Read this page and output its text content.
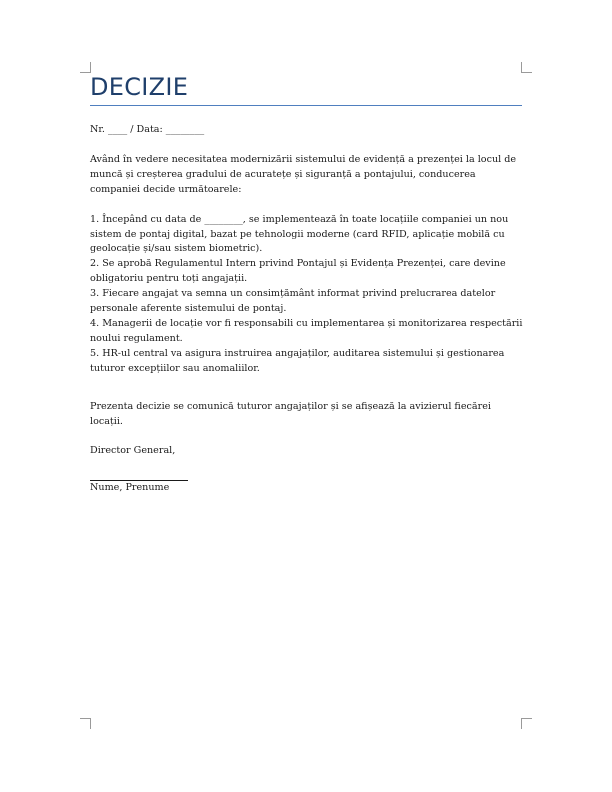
DECIZIE

Nr. ____ / Data: ________

Având în vedere necesitatea modernizării sistemului de evidență a prezenței la locul de muncă și creșterea gradului de acuratețe și siguranță a pontajului, conducerea companiei decide următoarele:

1. Începând cu data de ________, se implementează în toate locațiile companiei un nou sistem de pontaj digital, bazat pe tehnologii moderne (card RFID, aplicație mobilă cu geolocație și/sau sistem biometric).

2. Se aprobă Regulamentul Intern privind Pontajul și Evidența Prezenței, care devine obligatoriu pentru toți angajații.

3. Fiecare angajat va semna un consimțământ informat privind prelucrarea datelor personale aferente sistemului de pontaj.

4. Managerii de locație vor fi responsabili cu implementarea și monitorizarea respectării noului regulament.

5. HR-ul central va asigura instruirea angajaților, auditarea sistemului și gestionarea tuturor excepțiilor sau anomaliilor.

Prezenta decizie se comunică tuturor angajaților și se afișează la avizierul fiecărei locații.

Director General,

Nume, Prenume
